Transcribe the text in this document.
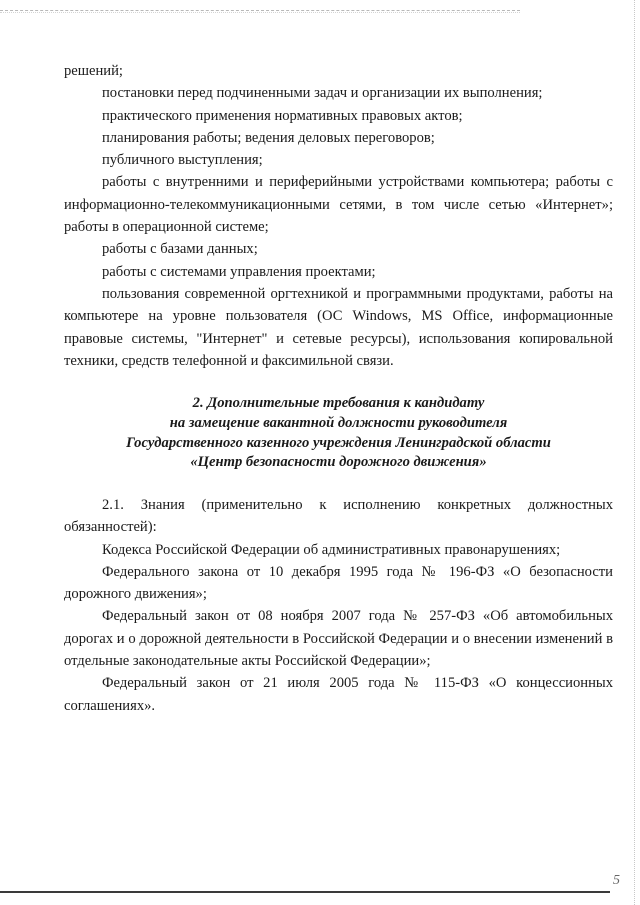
решений;

постановки перед подчиненными задач и организации их выполнения;

практического применения нормативных правовых актов;

планирования работы; ведения деловых переговоров;

публичного выступления;

работы с внутренними и периферийными устройствами компьютера; работы с информационно-телекоммуникационными сетями, в том числе сетью «Интернет»; работы в операционной системе;

работы с базами данных;

работы с системами управления проектами;

пользования современной оргтехникой и программными продуктами, работы на компьютере на уровне пользователя (ОС Windows, MS Office, информационные правовые системы, "Интернет" и сетевые ресурсы), использования копировальной техники, средств телефонной и факсимильной связи.

2. Дополнительные требования к кандидату
на замещение вакантной должности руководителя
Государственного казенного учреждения Ленинградской области
«Центр безопасности дорожного движения»

2.1. Знания (применительно к исполнению конкретных должностных обязанностей):

Кодекса Российской Федерации об административных правонарушениях;

Федерального закона от 10 декабря 1995 года № 196-ФЗ «О безопасности дорожного движения»;

Федеральный закон от 08 ноября 2007 года № 257-ФЗ «Об автомобильных дорогах и о дорожной деятельности в Российской Федерации и о внесении изменений в отдельные законодательные акты Российской Федерации»;

Федеральный закон от 21 июля 2005 года № 115-ФЗ «О концессионных соглашениях».

5
